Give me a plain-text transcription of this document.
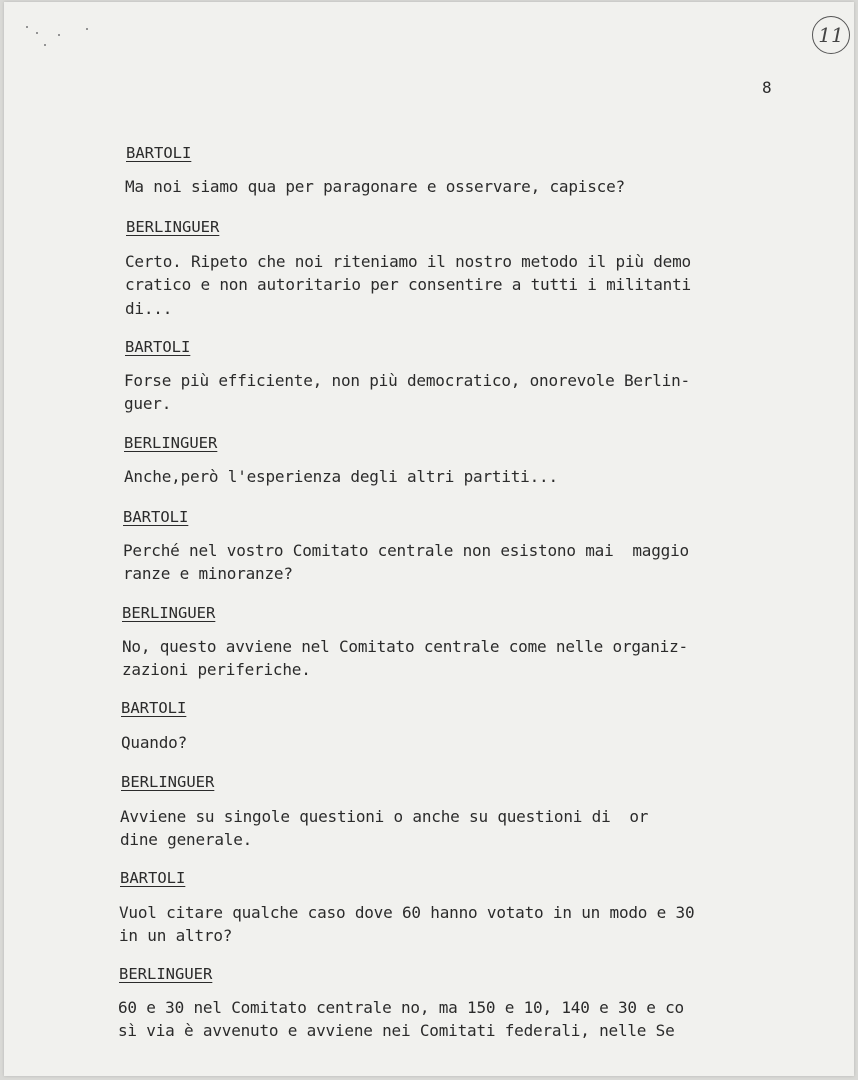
11
8
BARTOLI
Ma noi siamo qua per paragonare e osservare, capisce?
BERLINGUER
Certo. Ripeto che noi riteniamo il nostro metodo il più demo
cratico e non autoritario per consentire a tutti i militanti
di...
BARTOLI
Forse più efficiente, non più democratico, onorevole Berlin-
guer.
BERLINGUER
Anche,però l'esperienza degli altri partiti...
BARTOLI
Perché nel vostro Comitato centrale non esistono mai  maggio
ranze e minoranze?
BERLINGUER
No, questo avviene nel Comitato centrale come nelle organiz-
zazioni periferiche.
BARTOLI
Quando?
BERLINGUER
Avviene su singole questioni o anche su questioni di  or
dine generale.
BARTOLI
Vuol citare qualche caso dove 60 hanno votato in un modo e 30
in un altro?
BERLINGUER
60 e 30 nel Comitato centrale no, ma 150 e 10, 140 e 30 e co
sì via è avvenuto e avviene nei Comitati federali, nelle Se
